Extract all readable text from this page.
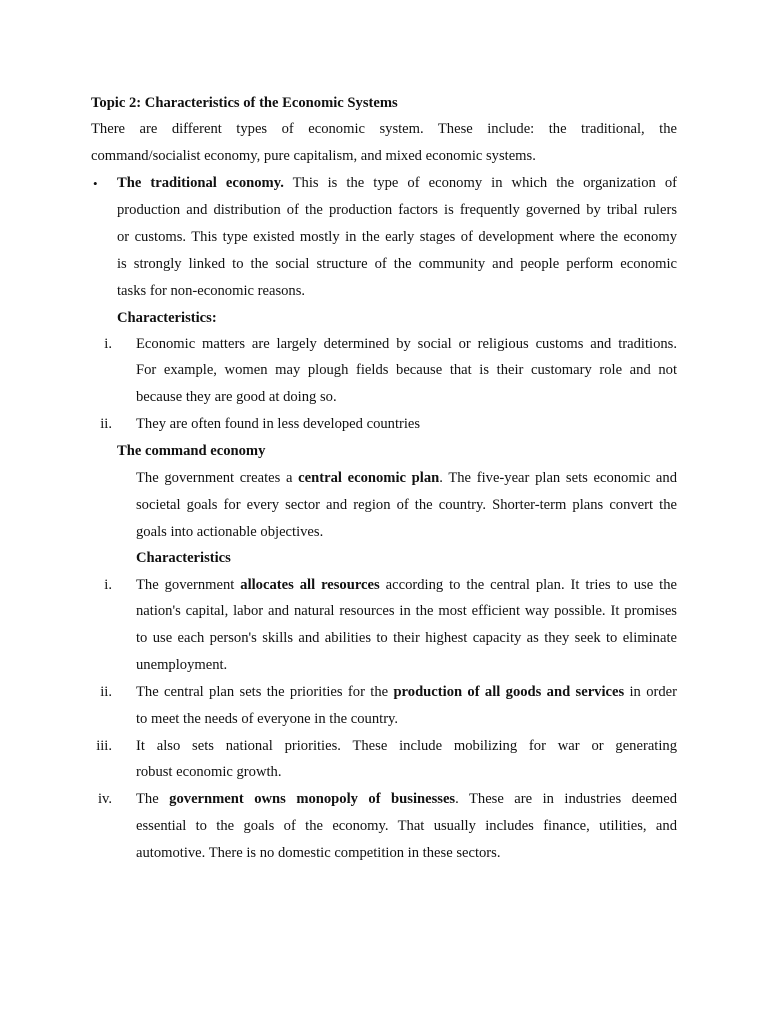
Topic 2: Characteristics of the Economic Systems
There are different types of economic system. These include: the traditional, the
command/socialist economy, pure capitalism, and mixed economic systems.
• The traditional economy. This is the type of economy in which the organization of
production and distribution of the production factors is frequently governed by tribal rulers
or customs. This type existed mostly in the early stages of development where the economy
is strongly linked to the social structure of the community and people perform economic
tasks for non-economic reasons.
Characteristics:
i. Economic matters are largely determined by social or religious customs and traditions.
For example, women may plough fields because that is their customary role and not
because they are good at doing so.
ii. They are often found in less developed countries
The command economy
The government creates a central economic plan. The five-year plan sets economic and
societal goals for every sector and region of the country. Shorter-term plans convert the
goals into actionable objectives.
Characteristics
i. The government allocates all resources according to the central plan. It tries to use the
nation's capital, labor and natural resources in the most efficient way possible. It promises
to use each person's skills and abilities to their highest capacity as they seek to eliminate
unemployment.
ii. The central plan sets the priorities for the production of all goods and services in order
to meet the needs of everyone in the country.
iii. It also sets national priorities. These include mobilizing for war or generating
robust economic growth.
iv. The government owns monopoly of businesses. These are in industries deemed
essential to the goals of the economy. That usually includes finance, utilities, and
automotive. There is no domestic competition in these sectors.
